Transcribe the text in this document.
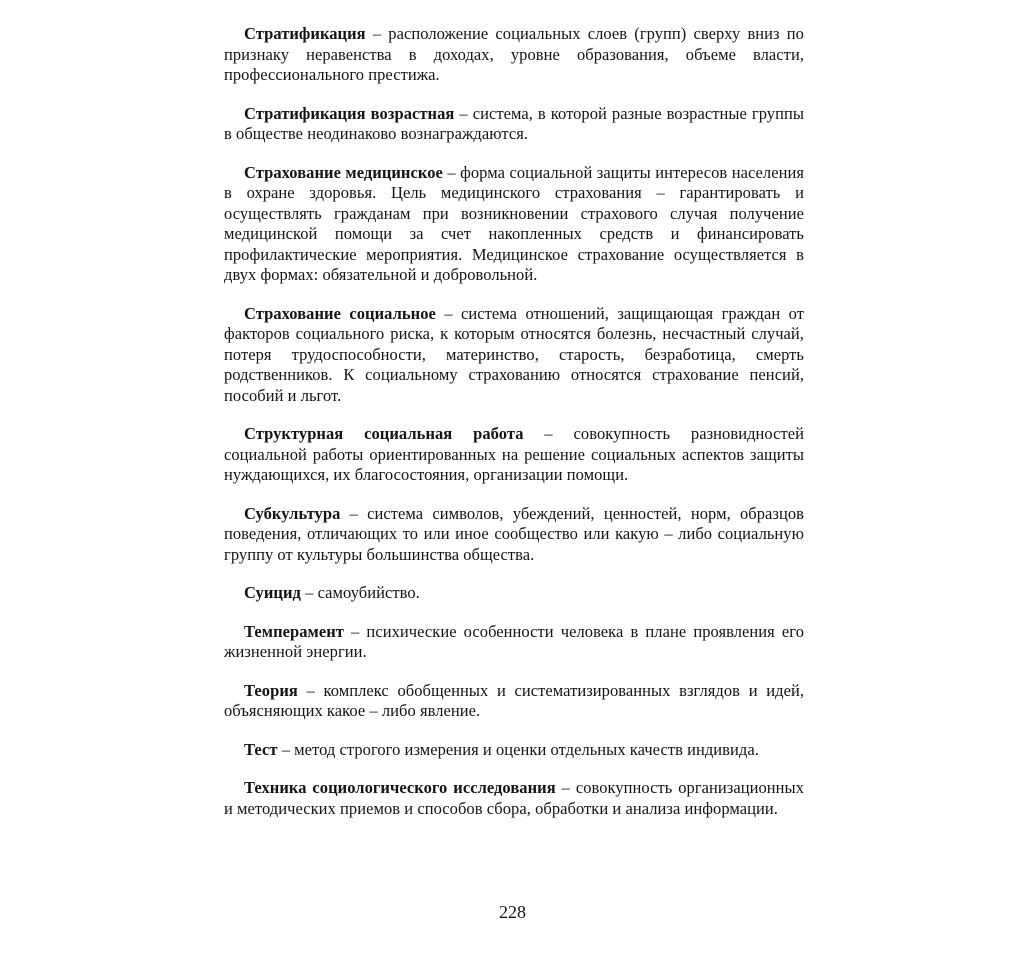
Стратификация – расположение социальных слоев (групп) сверху вниз по признаку неравенства в доходах, уровне образования, объеме власти, профессионального престижа.

Стратификация возрастная – система, в которой разные возрастные группы в обществе неодинаково вознаграждаются.

Страхование медицинское – форма социальной защиты интересов населения в охране здоровья. Цель медицинского страхования – гарантировать и осуществлять гражданам при возникновении страхового случая получение медицинской помощи за счет накопленных средств и финансировать профилактические мероприятия. Медицинское страхование осуществляется в двух формах: обязательной и добровольной.

Страхование социальное – система отношений, защищающая граждан от факторов социального риска, к которым относятся болезнь, несчастный случай, потеря трудоспособности, материнство, старость, безработица, смерть родственников. К социальному страхованию относятся страхование пенсий, пособий и льгот.

Структурная социальная работа – совокупность разновидностей социальной работы ориентированных на решение социальных аспектов защиты нуждающихся, их благосостояния, организации помощи.

Субкультура – система символов, убеждений, ценностей, норм, образцов поведения, отличающих то или иное сообщество или какую – либо социальную группу от культуры большинства общества.

Суицид – самоубийство.

Темперамент – психические особенности человека в плане проявления его жизненной энергии.

Теория – комплекс обобщенных и систематизированных взглядов и идей, объясняющих какое – либо явление.

Тест – метод строгого измерения и оценки отдельных качеств индивида.

Техника социологического исследования – совокупность организационных и методических приемов и способов сбора, обработки и анализа информации.

228
